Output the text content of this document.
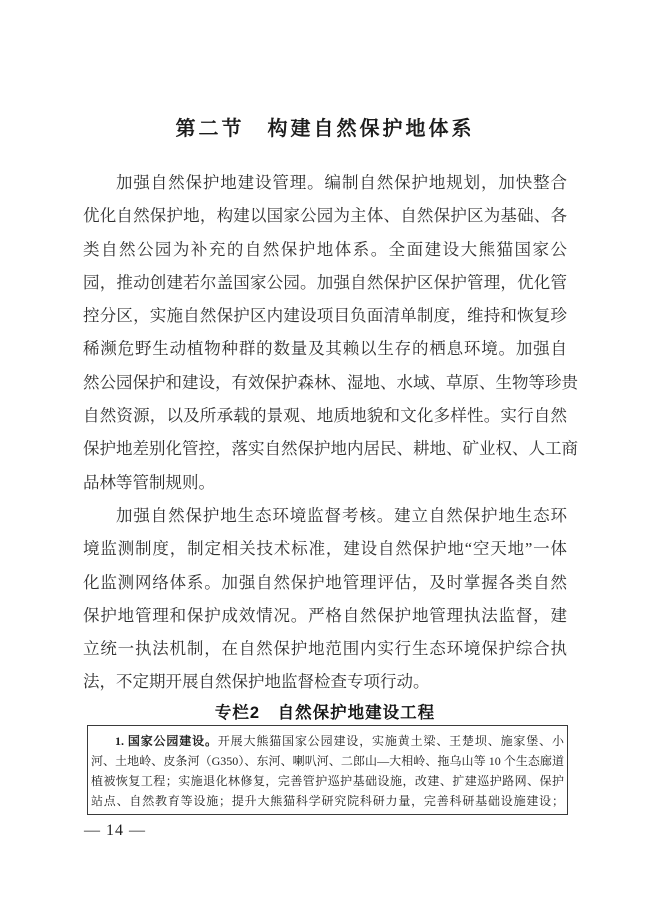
第二节　构建自然保护地体系
加强自然保护地建设管理。编制自然保护地规划，加快整合
优化自然保护地，构建以国家公园为主体、自然保护区为基础、各
类自然公园为补充的自然保护地体系。全面建设大熊猫国家公
园，推动创建若尔盖国家公园。加强自然保护区保护管理，优化管
控分区，实施自然保护区内建设项目负面清单制度，维持和恢复珍
稀濒危野生动植物种群的数量及其赖以生存的栖息环境。加强自
然公园保护和建设，有效保护森林、湿地、水域、草原、生物等珍贵
自然资源，以及所承载的景观、地质地貌和文化多样性。实行自然
保护地差别化管控，落实自然保护地内居民、耕地、矿业权、人工商
品林等管制规则。
加强自然保护地生态环境监督考核。建立自然保护地生态环
境监测制度，制定相关技术标准，建设自然保护地“空天地”一体
化监测网络体系。加强自然保护地管理评估，及时掌握各类自然
保护地管理和保护成效情况。严格自然保护地管理执法监督，建
立统一执法机制，在自然保护地范围内实行生态环境保护综合执
法，不定期开展自然保护地监督检查专项行动。
专栏2　自然保护地建设工程
1. 国家公园建设。开展大熊猫国家公园建设，实施黄土梁、王楚坝、施家堡、小
河、土地岭、皮条河（G350）、东河、喇叭河、二郎山—大相岭、拖乌山等 10 个生态廊道
植被恢复工程；实施退化林修复，完善管护巡护基础设施，改建、扩建巡护路网、保护
站点、自然教育等设施；提升大熊猫科学研究院科研力量，完善科研基础设施建设；
— 14 —
